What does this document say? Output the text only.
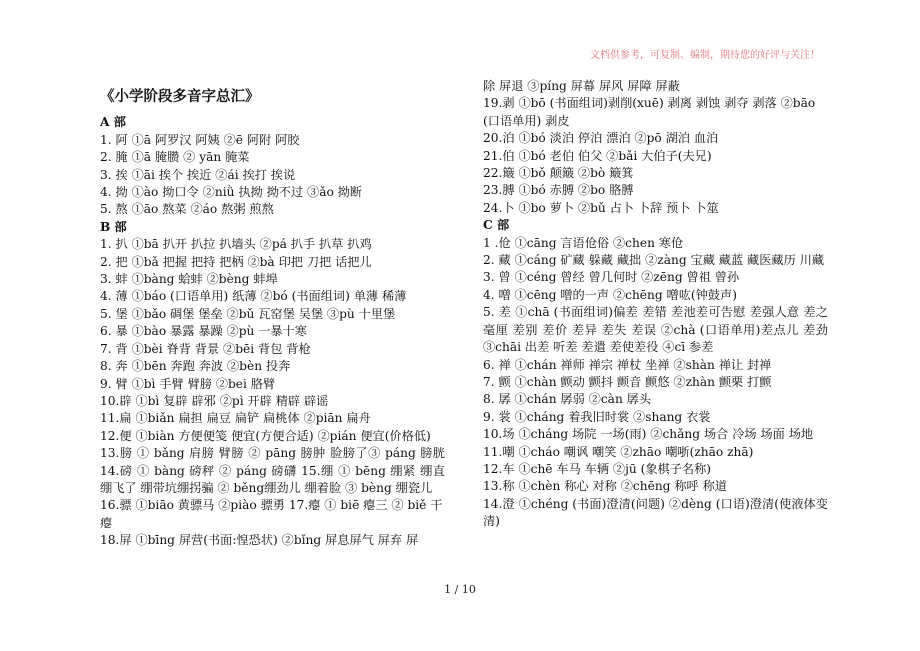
文档供参考，可复制、编制，期待您的好评与关注！

《小学阶段多音字总汇》

A 部

1. 阿 ①ā 阿罗汉 阿姨 ②ē 阿附 阿胶

2. 腌 ①ā 腌臜 ② yān 腌菜

3. 挨 ①āi 挨个 挨近 ②ái 挨打 挨说

4. 拗 ①ào 拗口令 ②niǜ 执拗 拗不过 ③ǎo 拗断

5. 熬 ①āo 熬菜 ②áo 熬粥 煎熬

B 部

1. 扒 ①bā 扒开 扒拉 扒墙头 ②pá 扒手 扒草 扒鸡

2. 把 ①bǎ 把握 把持 把柄 ②bà 印把 刀把 话把儿

3. 蚌 ①bàng 蛤蚌 ②bèng 蚌埠

4. 薄 ①báo (口语单用) 纸薄 ②bó (书面组词) 单薄 稀薄

5. 堡 ①bǎo 碉堡 堡垒 ②bǔ 瓦窑堡 吴堡 ③pù 十里堡

6. 暴 ①bào 暴露 暴躁 ②pù 一暴十寒

7. 背 ①bèi 脊背 背景 ②bēi 背包 背枪

8. 奔 ①bēn 奔跑 奔波 ②bèn 投奔

9. 臂 ①bì 手臂 臂膀 ②bei 胳臂

10.辟 ①bì 复辟 辟邪 ②pì 开辟 精辟 辟谣

11.扁 ①biǎn 扁担 扁豆 扁铲 扁桃体 ②piān 扁舟

12.便 ①biàn 方便便笺 便宜(方便合适) ②pián 便宜(价格低)

13.膀 ① bǎng 肩膀 臂膀 ② pāng 膀肿 脸膀了③ páng 膀胱 14.磅 ① bàng 磅秤 ② páng 磅礴 15.绷 ① bēng 绷紧 绷直 绷飞了 绷带坑绷拐骗 ② běng绷劲儿 绷着脸 ③ bèng 绷瓷儿

16.骠 ①biāo 黄骠马 ②piào 骠勇 17.瘪 ① biē 瘪三 ② biě 干瘪

18.屏 ①bīng 屏营(书面:惶恐状) ②bǐng 屏息屏气 屏弃 屏

除 屏退 ③píng 屏幕 屏风 屏障 屏蔽

19.剥 ①bō (书面组词)剥削(xuē) 剥离 剥蚀 剥夺 剥落 ②bāo (口语单用) 剥皮

20.泊 ①bó 淡泊 停泊 漂泊 ②pō 湖泊 血泊

21.伯 ①bó 老伯 伯父 ②bǎi 大伯子(夫兄)

22.簸 ①bǒ 颠簸 ②bò 簸箕

23.膊 ①bó 赤膊 ②bo 胳膊

24.卜 ①bo 萝卜 ②bǔ 占卜 卜辞 预卜 卜筮

C 部

1 .伧 ①cāng 言语伧俗 ②chen 寒伧

2. 藏 ①cáng 矿藏 躲藏 藏拙 ②zàng 宝藏 藏蓝 藏医藏历 川藏

3. 曾 ①céng 曾经 曾几何时 ②zēng 曾祖 曾孙

4. 噌 ①cēng 噌的一声 ②chēng 噌吰(钟鼓声)

5. 差 ①chā (书面组词)偏差 差错 差池差可告慰 差强人意 差之毫厘 差别 差价 差异 差失 差误 ②chà (口语单用)差点儿 差劲 ③chāi 出差 听差 差遣 差使差役 ④cī 参差

6. 禅 ①chán 禅师 禅宗 禅杖 坐禅 ②shàn 禅让 封禅

7. 颤 ①chàn 颤动 颤抖 颤音 颤悠 ②zhàn 颤栗 打颤

8. 孱 ①chán 孱弱 ②càn 孱头

9. 裳 ①cháng 着我旧时裳 ②shang 衣裳

10.场 ①cháng 场院 一场(雨) ②chǎng 场合 冷场 场面 场地

11.嘲 ①cháo 嘲讽 嘲笑 ②zhāo 嘲哳(zhāo zhā)

12.车 ①chē 车马 车辆 ②jū (象棋子名称)

13.称 ①chèn 称心 对称 ②chēng 称呼 称道

14.澄 ①chéng (书面)澄清(问题) ②dèng (口语)澄清(使液体变清)

1 / 10
